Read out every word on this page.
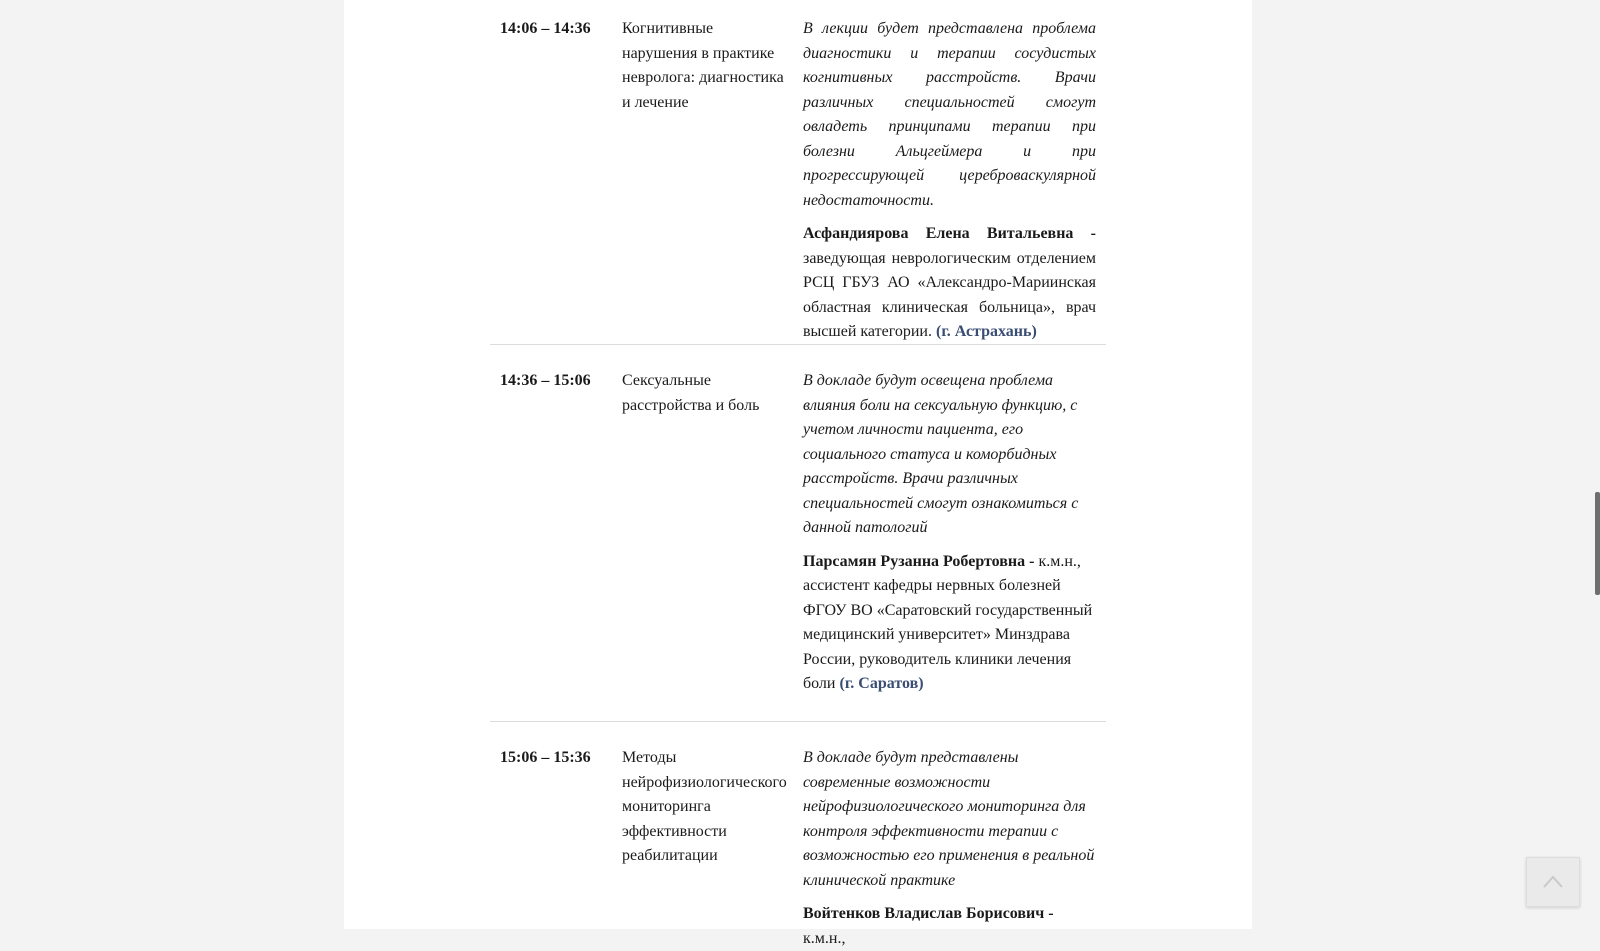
14:06 – 14:36 Когнитивные нарушения в практике невролога: диагностика и лечение

В лекции будет представлена проблема диагностики и терапии сосудистых когнитивных расстройств. Врачи различных специальностей смогут овладеть принципами терапии при болезни Альцгеймера и при прогрессирующей цереброваскулярной недостаточности.

Асфандиярова Елена Витальевна - заведующая неврологическим отделением РСЦ ГБУЗ АО «Александро-Мариинская областная клиническая больница», врач высшей категории. (г. Астрахань)

14:36 – 15:06 Сексуальные расстройства и боль

В докладе будут освещена проблема влияния боли на сексуальную функцию, с учетом личности пациента, его социального статуса и коморбидных расстройств. Врачи различных специальностей смогут ознакомиться с данной патологий

Парсамян Рузанна Робертовна - к.м.н., ассистент кафедры нервных болезней ФГОУ ВО «Саратовский государственный медицинский университет» Минздрава России, руководитель клиники лечения боли (г. Саратов)

15:06 – 15:36 Методы нейрофизиологического мониторинга эффективности реабилитации

В докладе будут представлены современные возможности нейрофизиологического мониторинга для контроля эффективности терапии с возможностью его применения в реальной клинической практике

Войтенков Владислав Борисович - к.м.н.,
